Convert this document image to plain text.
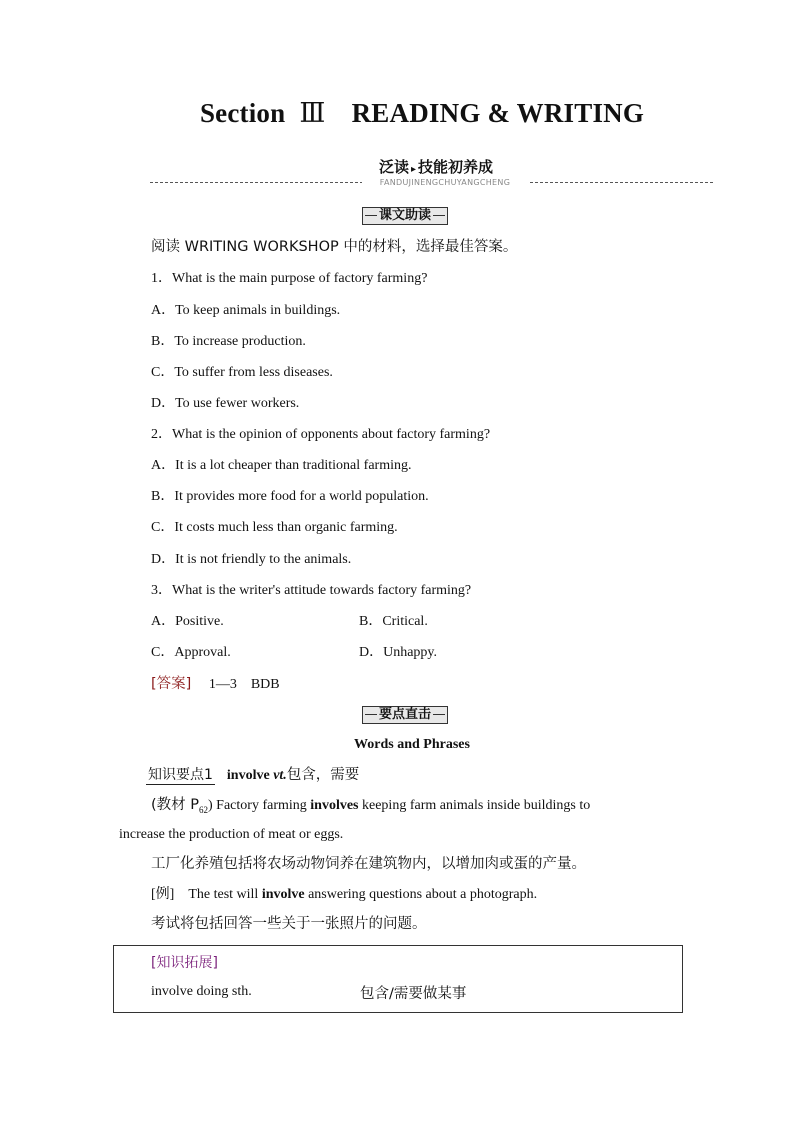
Section Ⅲ READING & WRITING
泛读 ▸ 技能初养成
FANDUJINENGCHUYANGCHENG
课文助读
阅读 WRITING WORKSHOP 中的材料，选择最佳答案。
1．What is the main purpose of factory farming?
A．To keep animals in buildings.
B．To increase production.
C．To suffer from less diseases.
D．To use fewer workers.
2．What is the opinion of opponents about factory farming?
A．It is a lot cheaper than traditional farming.
B．It provides more food for a world population.
C．It costs much less than organic farming.
D．It is not friendly to the animals.
3．What is the writer's attitude towards factory farming?
A．Positive.	B．Critical.
C．Approval.	D．Unhappy.
[答案] 1—3　BDB
要点直击
Words and Phrases
知识要点1 involve vt.包含，需要
(教材 $P_{62}$) Factory farming involves keeping farm animals inside buildings to
increase the production of meat or eggs.
工厂化养殖包括将农场动物饲养在建筑物内，以增加肉或蛋的产量。
[例]　The test will involve answering questions about a photograph.
考试将包括回答一些关于一张照片的问题。
[知识拓展]
involve doing sth.	包含/需要做某事
